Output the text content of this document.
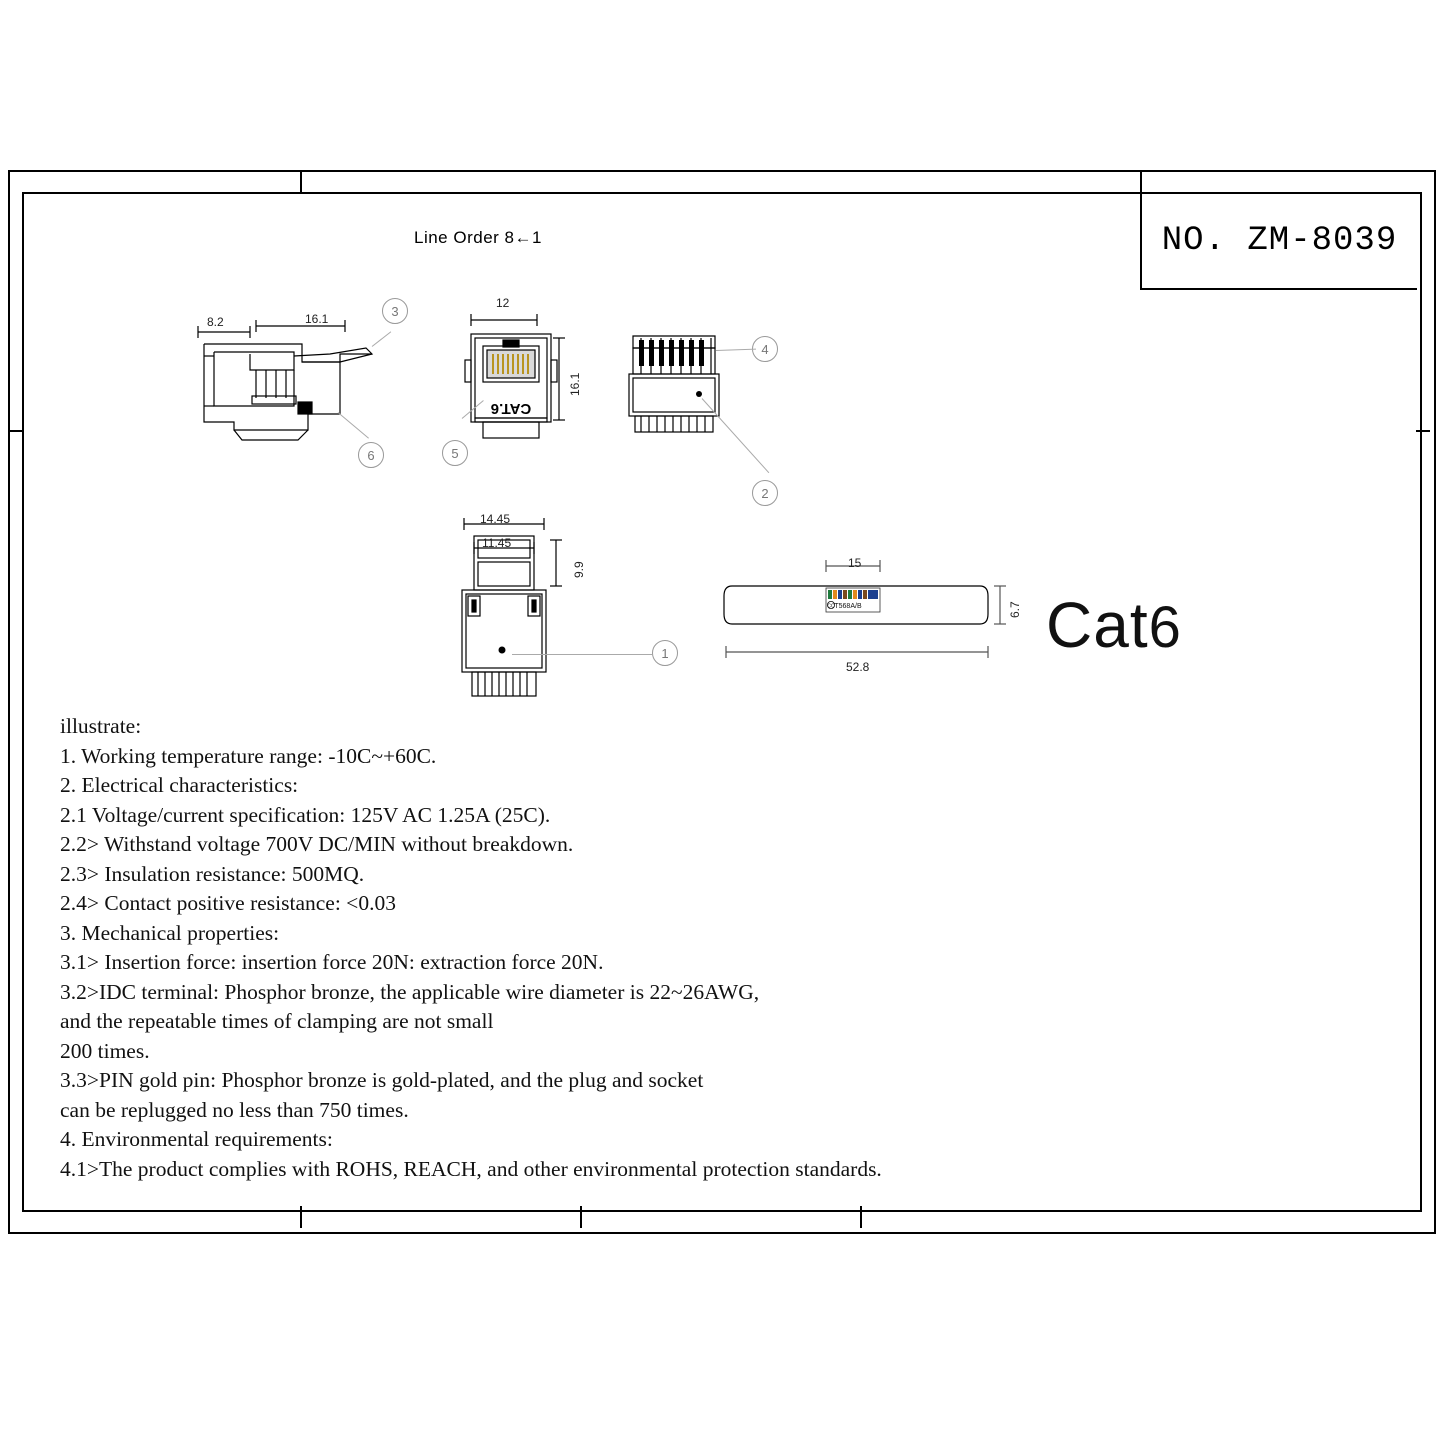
NO. ZM-8039
Line Order 8←1
8.2	16.1
3
6
CAT.6
12
16.1
5
4
2
14.45
11.45
9.9
1
T568A/B
CC
15
6.7
52.8
Cat6
illustrate:
1. Working temperature range: -10C~+60C.
2. Electrical characteristics:
2.1 Voltage/current specification: 125V AC 1.25A (25C).
2.2> Withstand voltage 700V DC/MIN without breakdown.
2.3> Insulation resistance: 500MQ.
2.4> Contact positive resistance: <0.03
3. Mechanical properties:
3.1> Insertion force: insertion force 20N: extraction force 20N.
3.2>IDC terminal: Phosphor bronze, the applicable wire diameter is 22~26AWG,
and the repeatable times of clamping are not small
200 times.
3.3>PIN gold pin: Phosphor bronze is gold-plated, and the plug and socket
can be replugged no less than 750 times.
4. Environmental requirements:
4.1>The product complies with ROHS, REACH, and other environmental protection standards.
